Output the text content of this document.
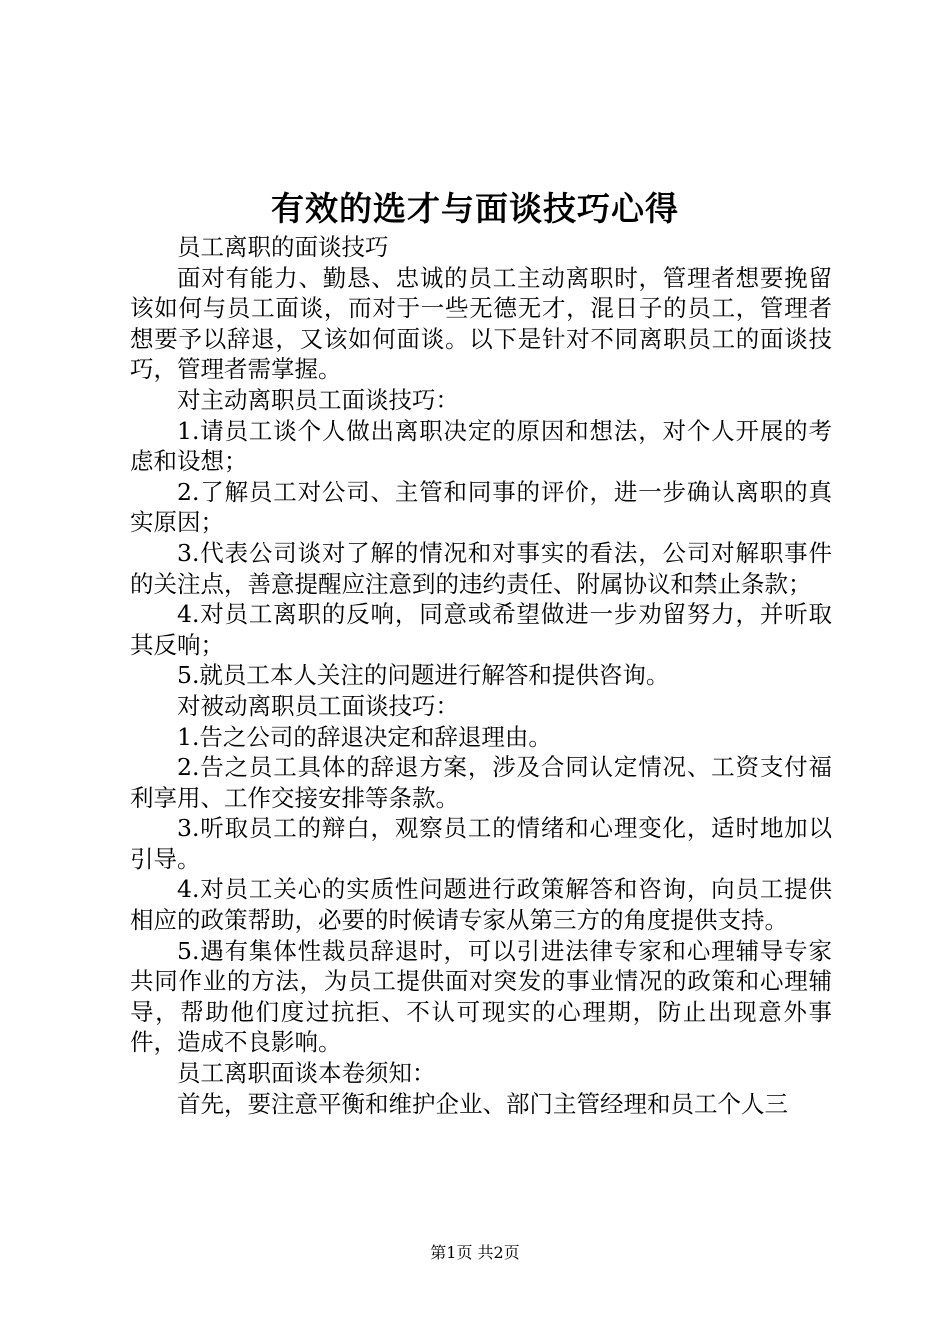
有效的选才与面谈技巧心得

员工离职的面谈技巧

面对有能力、勤恳、忠诚的员工主动离职时，管理者想要挽留该如何与员工面谈，而对于一些无德无才，混日子的员工，管理者想要予以辞退，又该如何面谈。以下是针对不同离职员工的面谈技巧，管理者需掌握。

对主动离职员工面谈技巧：

1.请员工谈个人做出离职决定的原因和想法，对个人开展的考虑和设想；

2.了解员工对公司、主管和同事的评价，进一步确认离职的真实原因；

3.代表公司谈对了解的情况和对事实的看法，公司对解职事件的关注点，善意提醒应注意到的违约责任、附属协议和禁止条款；

4.对员工离职的反响，同意或希望做进一步劝留努力，并听取其反响；

5.就员工本人关注的问题进行解答和提供咨询。

对被动离职员工面谈技巧：

1.告之公司的辞退决定和辞退理由。

2.告之员工具体的辞退方案，涉及合同认定情况、工资支付福利享用、工作交接安排等条款。

3.听取员工的辩白，观察员工的情绪和心理变化，适时地加以引导。

4.对员工关心的实质性问题进行政策解答和咨询，向员工提供相应的政策帮助，必要的时候请专家从第三方的角度提供支持。

5.遇有集体性裁员辞退时，可以引进法律专家和心理辅导专家共同作业的方法，为员工提供面对突发的事业情况的政策和心理辅导，帮助他们度过抗拒、不认可现实的心理期，防止出现意外事件，造成不良影响。

员工离职面谈本卷须知：

首先，要注意平衡和维护企业、部门主管经理和员工个人三

第1页 共2页
